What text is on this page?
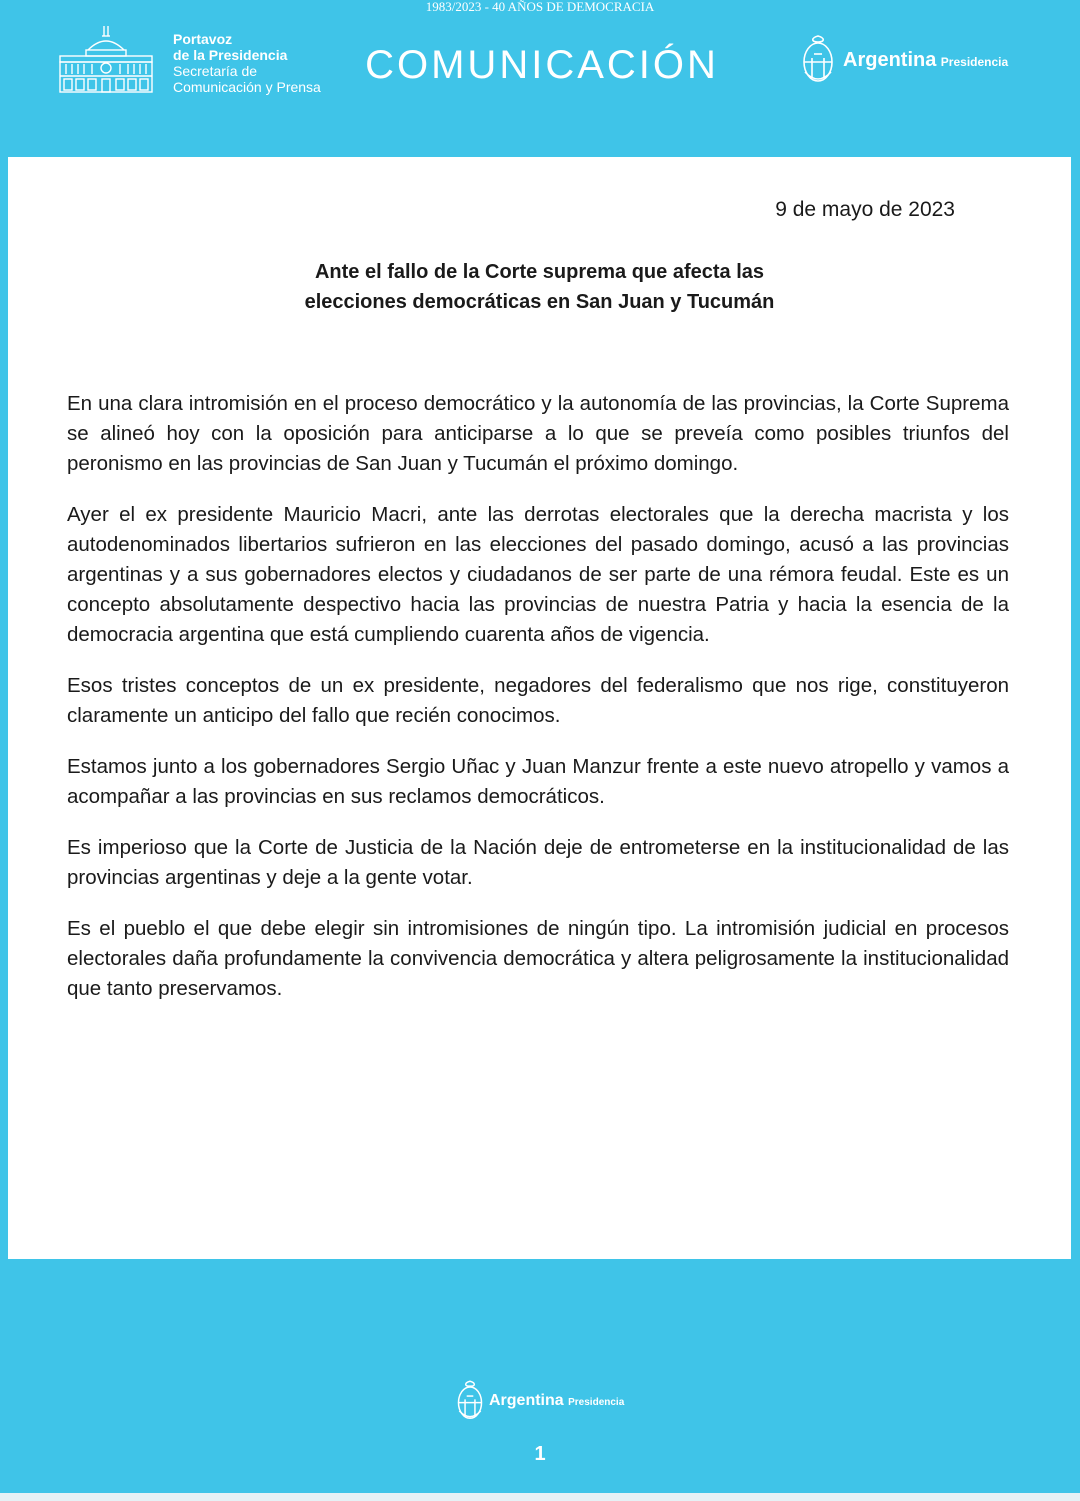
1983/2023 - 40 AÑOS DE DEMOCRACIA
Portavoz
de la Presidencia
Secretaría de
Comunicación y Prensa COMUNICACIÓN	Argentina Presidencia
9 de mayo de 2023
Ante el fallo de la Corte suprema que afecta las
elecciones democráticas en San Juan y Tucumán

En una clara intromisión en el proceso democrático y la autonomía de las provincias, la Corte Suprema se alineó hoy con la oposición para anticiparse a lo que se preveía como posibles triunfos del peronismo en las provincias de San Juan y Tucumán el próximo domingo.

Ayer el ex presidente Mauricio Macri, ante las derrotas electorales que la derecha macrista y los autodenominados libertarios sufrieron en las elecciones del pasado domingo, acusó a las provincias argentinas y a sus gobernadores electos y ciudadanos de ser parte de una rémora feudal. Este es un concepto absolutamente despectivo hacia las provincias de nuestra Patria y hacia la esencia de la democracia argentina que está cumpliendo cuarenta años de vigencia.

Esos tristes conceptos de un ex presidente, negadores del federalismo que nos rige, constituyeron claramente un anticipo del fallo que recién conocimos.

Estamos junto a los gobernadores Sergio Uñac y Juan Manzur frente a este nuevo atropello y vamos a acompañar a las provincias en sus reclamos democráticos.

Es imperioso que la Corte de Justicia de la Nación deje de entrometerse en la institucionalidad de las provincias argentinas y deje a la gente votar.

Es el pueblo el que debe elegir sin intromisiones de ningún tipo. La intromisión judicial en procesos electorales daña profundamente la convivencia democrática y altera peligrosamente la institucionalidad que tanto preservamos.

Argentina Presidencia
1
